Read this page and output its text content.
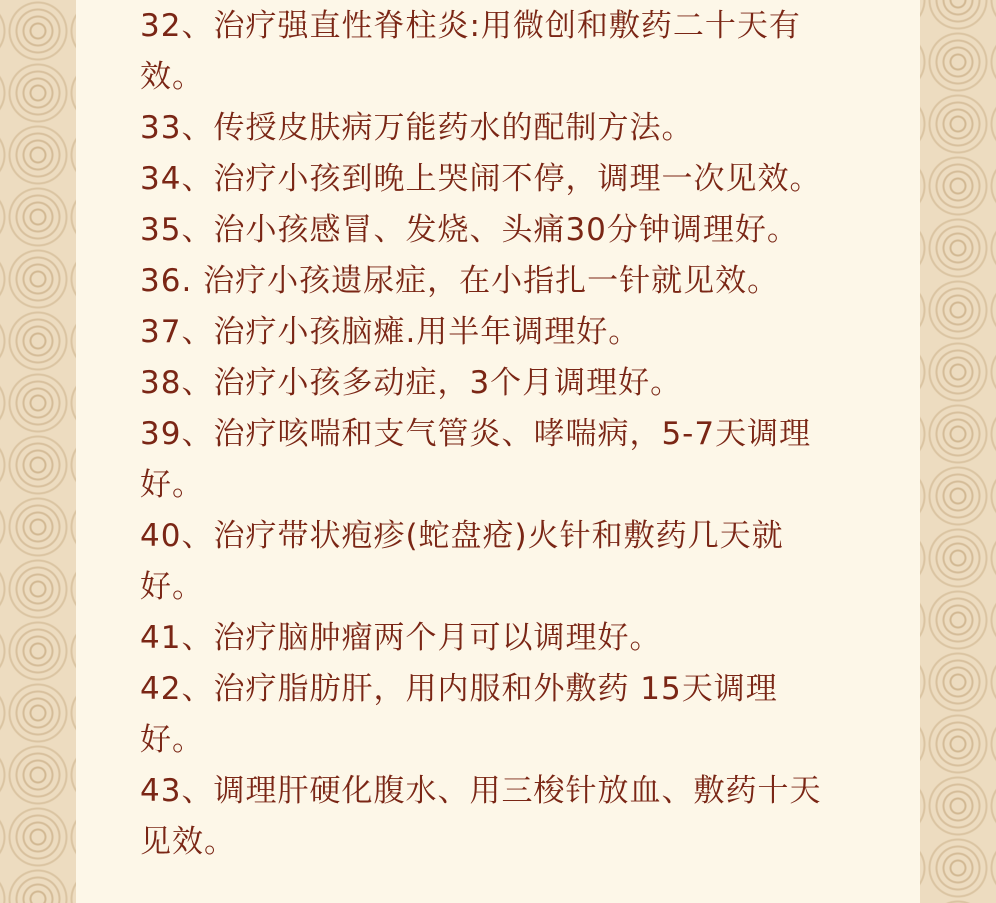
32、治疗强直性脊柱炎:用微创和敷药二十天有效。
33、传授皮肤病万能药水的配制方法。
34、治疗小孩到晚上哭闹不停，调理一次见效。
35、治小孩感冒、发烧、头痛30分钟调理好。
36. 治疗小孩遗尿症，在小指扎一针就见效。
37、治疗小孩脑瘫.用半年调理好。
38、治疗小孩多动症，3个月调理好。
39、治疗咳喘和支气管炎、哮喘病，5-7天调理好。
40、治疗带状疱疹(蛇盘疮)火针和敷药几天就好。
41、治疗脑肿瘤两个月可以调理好。
42、治疗脂肪肝，用内服和外敷药 15天调理好。
43、调理肝硬化腹水、用三梭针放血、敷药十天见效。
